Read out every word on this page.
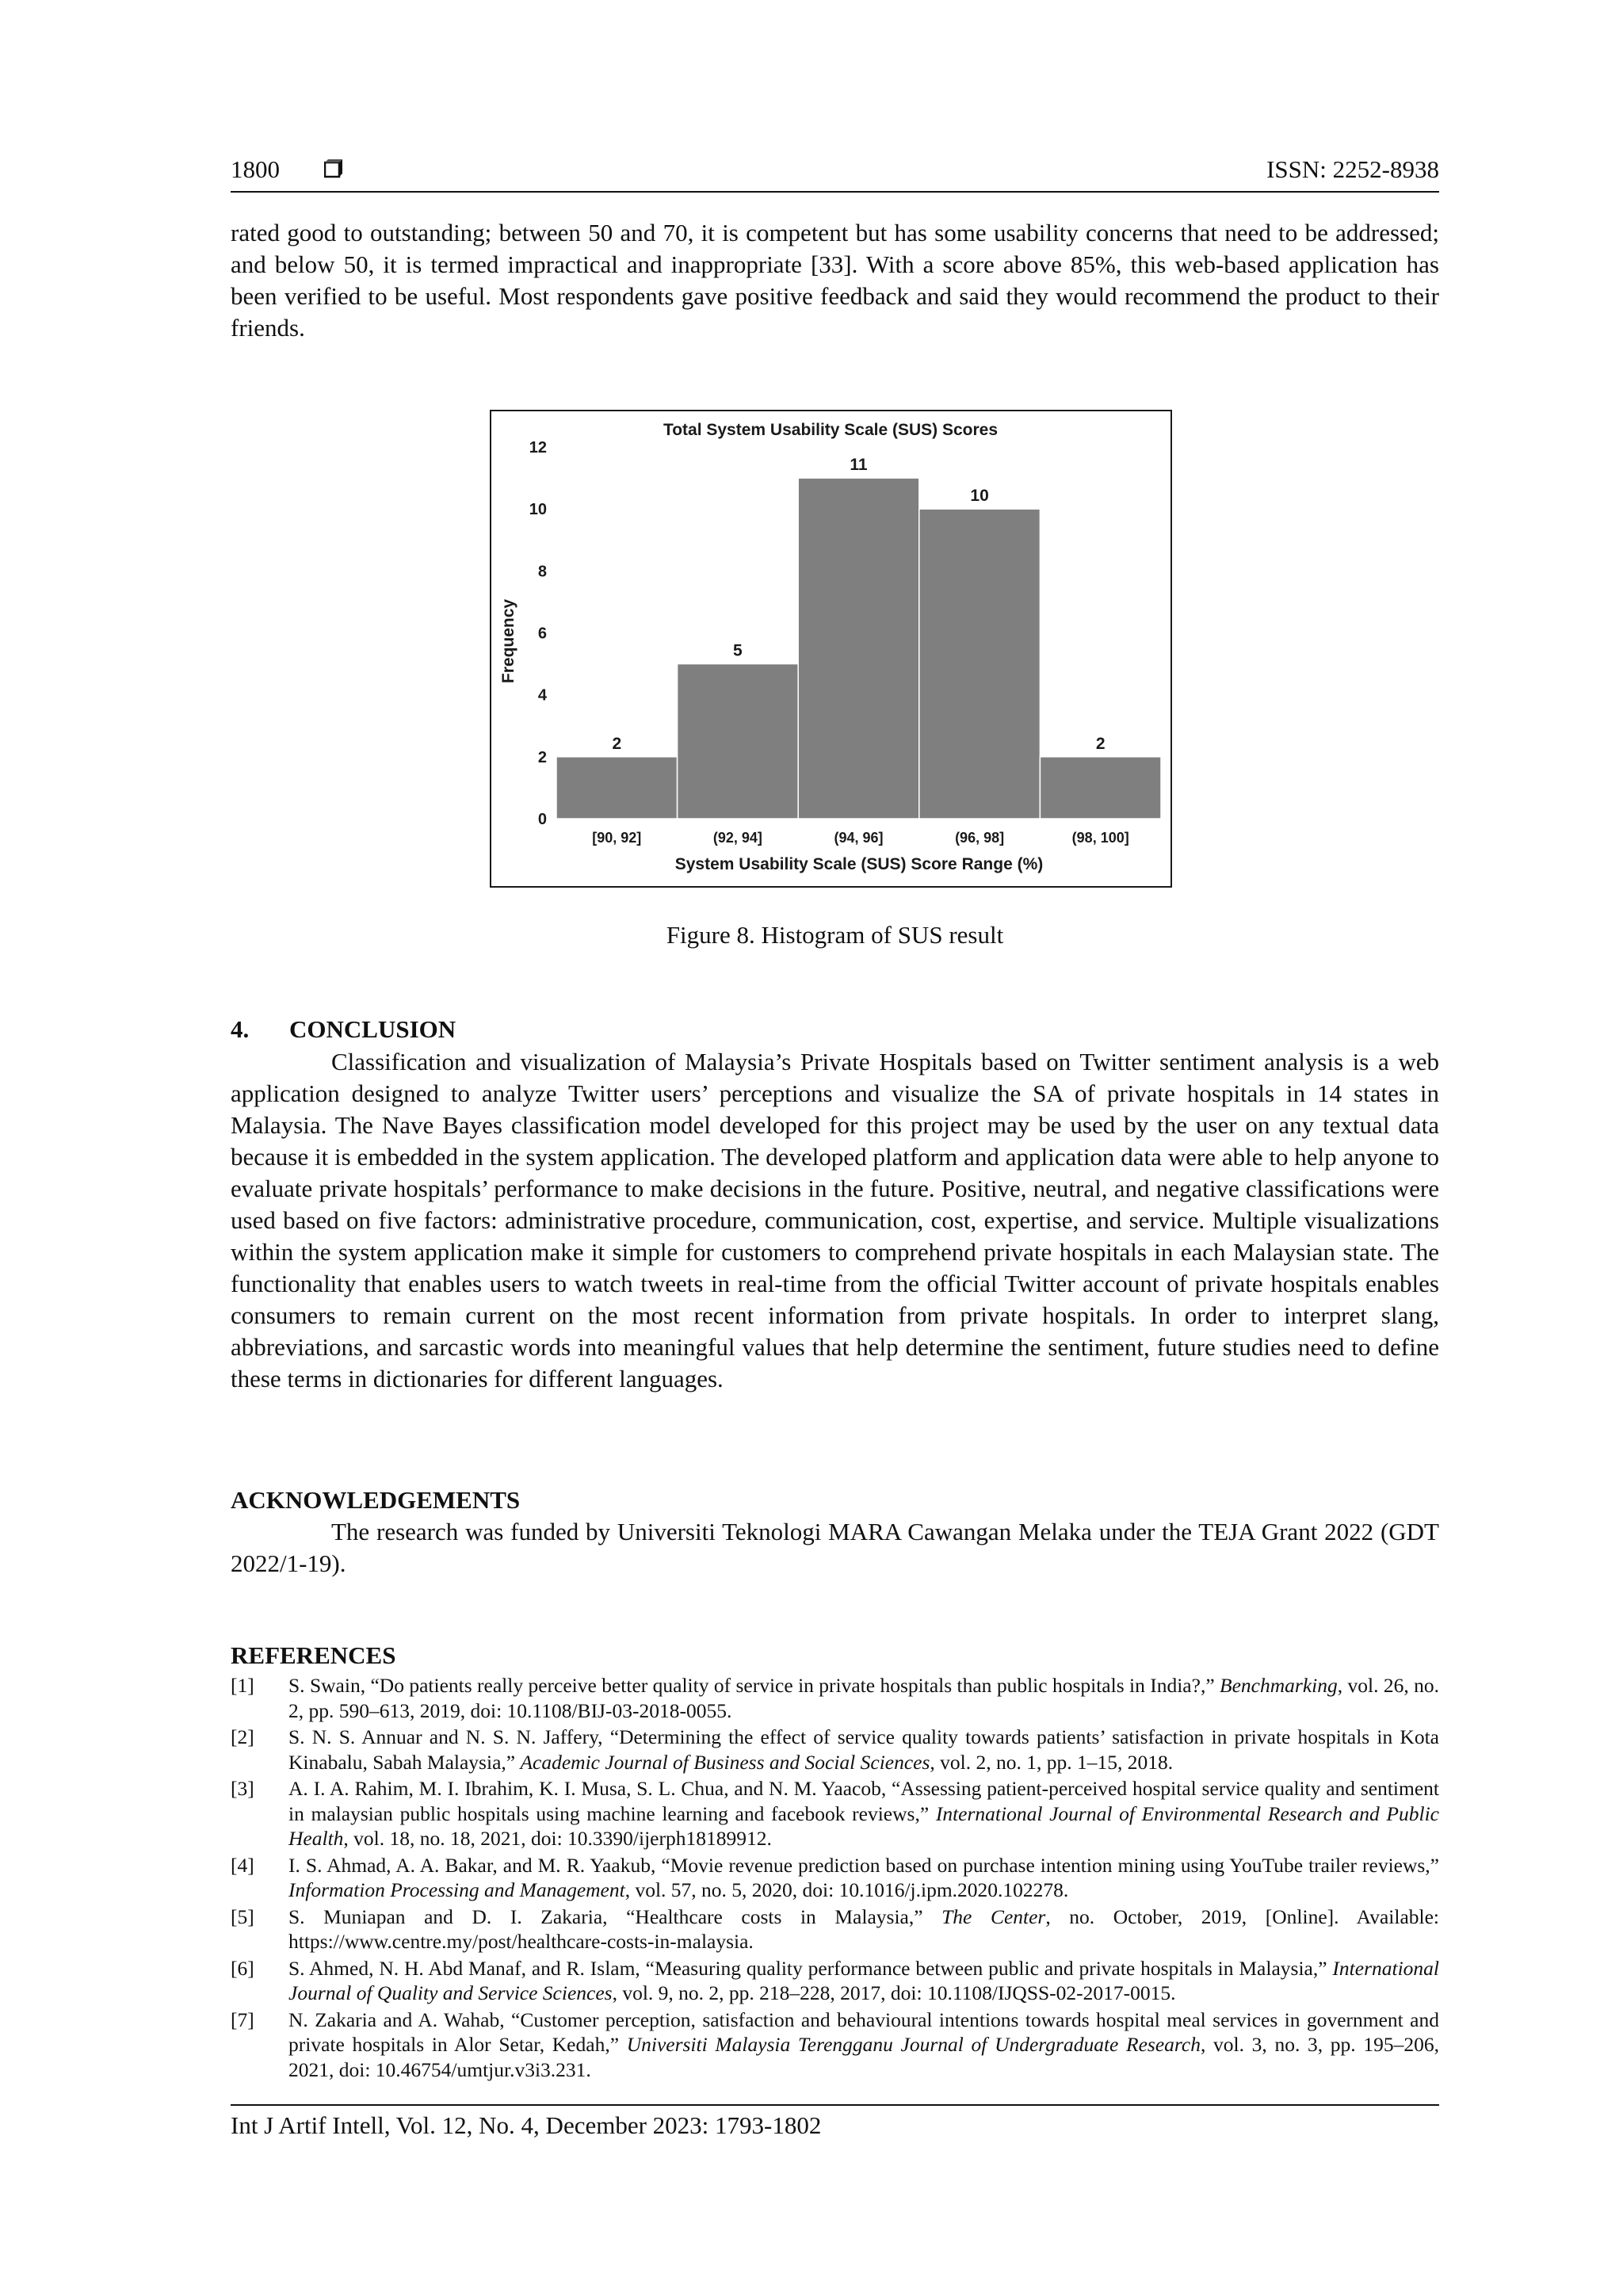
1800	ISSN: 2252-8938

rated good to outstanding; between 50 and 70, it is competent but has some usability concerns that need to be addressed; and below 50, it is termed impractical and inappropriate [33]. With a score above 85%, this web-based application has been verified to be useful. Most respondents gave positive feedback and said they would recommend the product to their friends.

Total System Usability Scale (SUS) Scores
Frequency
System Usability Scale (SUS) Score Range (%)
0
2
4
6
8
10
12
2
5
11
10
2
[90, 92]	(92, 94]	(94, 96]	(96, 98]	(98, 100]
Figure 8. Histogram of SUS result
4. CONCLUSION

Classification and visualization of Malaysia’s Private Hospitals based on Twitter sentiment analysis is a web application designed to analyze Twitter users’ perceptions and visualize the SA of private hospitals in 14 states in Malaysia. The Nave Bayes classification model developed for this project may be used by the user on any textual data because it is embedded in the system application. The developed platform and application data were able to help anyone to evaluate private hospitals’ performance to make decisions in the future. Positive, neutral, and negative classifications were used based on five factors: administrative procedure, communication, cost, expertise, and service. Multiple visualizations within the system application make it simple for customers to comprehend private hospitals in each Malaysian state. The functionality that enables users to watch tweets in real-time from the official Twitter account of private hospitals enables consumers to remain current on the most recent information from private hospitals. In order to interpret slang, abbreviations, and sarcastic words into meaningful values that help determine the sentiment, future studies need to define these terms in dictionaries for different languages.

ACKNOWLEDGEMENTS

The research was funded by Universiti Teknologi MARA Cawangan Melaka under the TEJA Grant 2022 (GDT 2022/1-19).

REFERENCES
[1]	S. Swain, “Do patients really perceive better quality of service in private hospitals than public hospitals in India?,” Benchmarking, vol. 26, no. 2, pp. 590–613, 2019, doi: 10.1108/BIJ-03-2018-0055.
[2]	S. N. S. Annuar and N. S. N. Jaffery, “Determining the effect of service quality towards patients’ satisfaction in private hospitals in Kota Kinabalu, Sabah Malaysia,” Academic Journal of Business and Social Sciences, vol. 2, no. 1, pp. 1–15, 2018.
[3]	A. I. A. Rahim, M. I. Ibrahim, K. I. Musa, S. L. Chua, and N. M. Yaacob, “Assessing patient-perceived hospital service quality and sentiment in malaysian public hospitals using machine learning and facebook reviews,” International Journal of Environmental Research and Public Health, vol. 18, no. 18, 2021, doi: 10.3390/ijerph18189912.
[4]	I. S. Ahmad, A. A. Bakar, and M. R. Yaakub, “Movie revenue prediction based on purchase intention mining using YouTube trailer reviews,” Information Processing and Management, vol. 57, no. 5, 2020, doi: 10.1016/j.ipm.2020.102278.
[5]	S. Muniapan and D. I. Zakaria, “Healthcare costs in Malaysia,” The Center, no. October, 2019, [Online]. Available: https://www.centre.my/post/healthcare-costs-in-malaysia.
[6]	S. Ahmed, N. H. Abd Manaf, and R. Islam, “Measuring quality performance between public and private hospitals in Malaysia,” International Journal of Quality and Service Sciences, vol. 9, no. 2, pp. 218–228, 2017, doi: 10.1108/IJQSS-02-2017-0015.
[7]	N. Zakaria and A. Wahab, “Customer perception, satisfaction and behavioural intentions towards hospital meal services in government and private hospitals in Alor Setar, Kedah,” Universiti Malaysia Terengganu Journal of Undergraduate Research, vol. 3, no. 3, pp. 195–206, 2021, doi: 10.46754/umtjur.v3i3.231.
Int J Artif Intell, Vol. 12, No. 4, December 2023: 1793-1802
